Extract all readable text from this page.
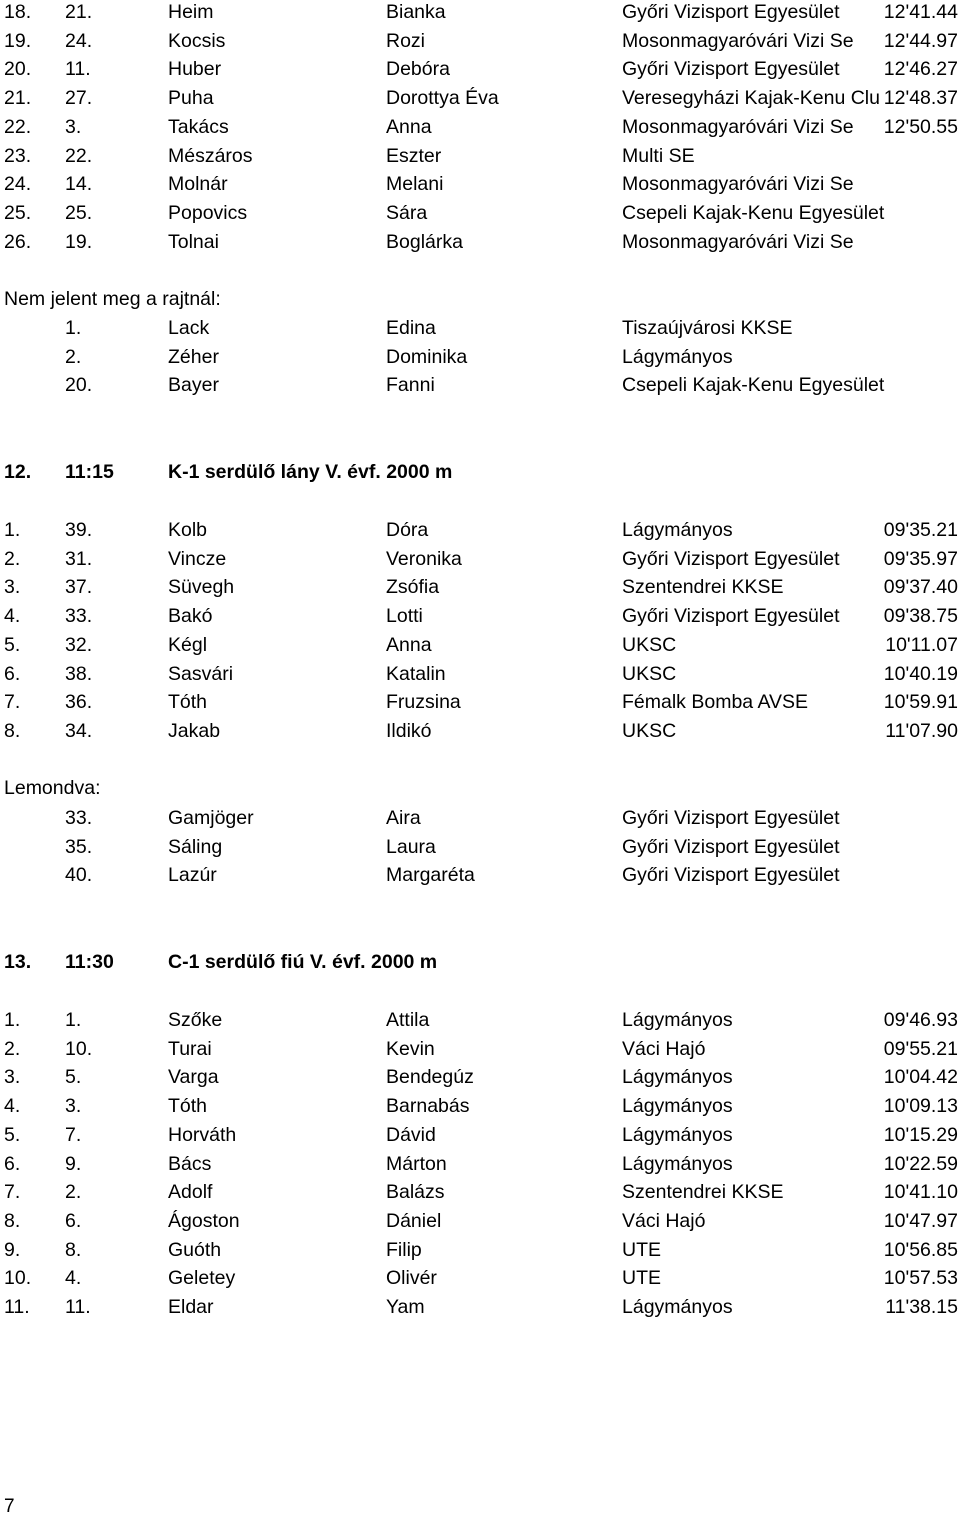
18. 21.	Heim	Bianka	Győri Vizisport Egyesület 12'41.44
19. 24.	Kocsis	Rozi	Mosonmagyaróvári Vizi Se 12'44.97
20. 11.	Huber	Debóra	Győri Vizisport Egyesület 12'46.27
21. 27.	Puha	Dorottya Éva	Veresegyházi Kajak-Kenu Clu 12'48.37
22. 3.	Takács	Anna	Mosonmagyaróvári Vizi Se 12'50.55
23. 22.	Mészáros	Eszter	Multi SE
24. 14.	Molnár	Melani	Mosonmagyaróvári Vizi Se
25. 25.	Popovics	Sára	Csepeli Kajak-Kenu Egyesület
26. 19.	Tolnai	Boglárka	Mosonmagyaróvári Vizi Se
Nem jelent meg a rajtnál:
1.	Lack	Edina	Tiszaújvárosi KKSE
2.	Zéher	Dominika	Lágymányos
20.	Bayer	Fanni	Csepeli Kajak-Kenu Egyesület
12. 11:15	K-1 serdülő lány V. évf. 2000 m
1. 39.	Kolb	Dóra	Lágymányos	09'35.21
2. 31.	Vincze	Veronika	Győri Vizisport Egyesület 09'35.97
3. 37.	Süvegh	Zsófia	Szentendrei KKSE	09'37.40
4. 33.	Bakó	Lotti	Győri Vizisport Egyesület 09'38.75
5. 32.	Kégl	Anna	UKSC	10'11.07
6. 38.	Sasvári	Katalin	UKSC	10'40.19
7. 36.	Tóth	Fruzsina	Fémalk Bomba AVSE	10'59.91
8. 34.	Jakab	Ildikó	UKSC	11'07.90
Lemondva:
33.	Gamjöger	Aira	Győri Vizisport Egyesület
35.	Sáling	Laura	Győri Vizisport Egyesület
40.	Lazúr	Margaréta	Győri Vizisport Egyesület
13. 11:30	C-1 serdülő fiú V. évf. 2000 m
1. 1.	Szőke	Attila	Lágymányos	09'46.93
2. 10.	Turai	Kevin	Váci Hajó	09'55.21
3. 5.	Varga	Bendegúz	Lágymányos	10'04.42
4. 3.	Tóth	Barnabás	Lágymányos	10'09.13
5. 7.	Horváth	Dávid	Lágymányos	10'15.29
6. 9.	Bács	Márton	Lágymányos	10'22.59
7. 2.	Adolf	Balázs	Szentendrei KKSE	10'41.10
8. 6.	Ágoston	Dániel	Váci Hajó	10'47.97
9. 8.	Guóth	Filip	UTE	10'56.85
10. 4.	Geletey	Olivér	UTE	10'57.53
11. 11.	Eldar	Yam	Lágymányos	11'38.15
7
